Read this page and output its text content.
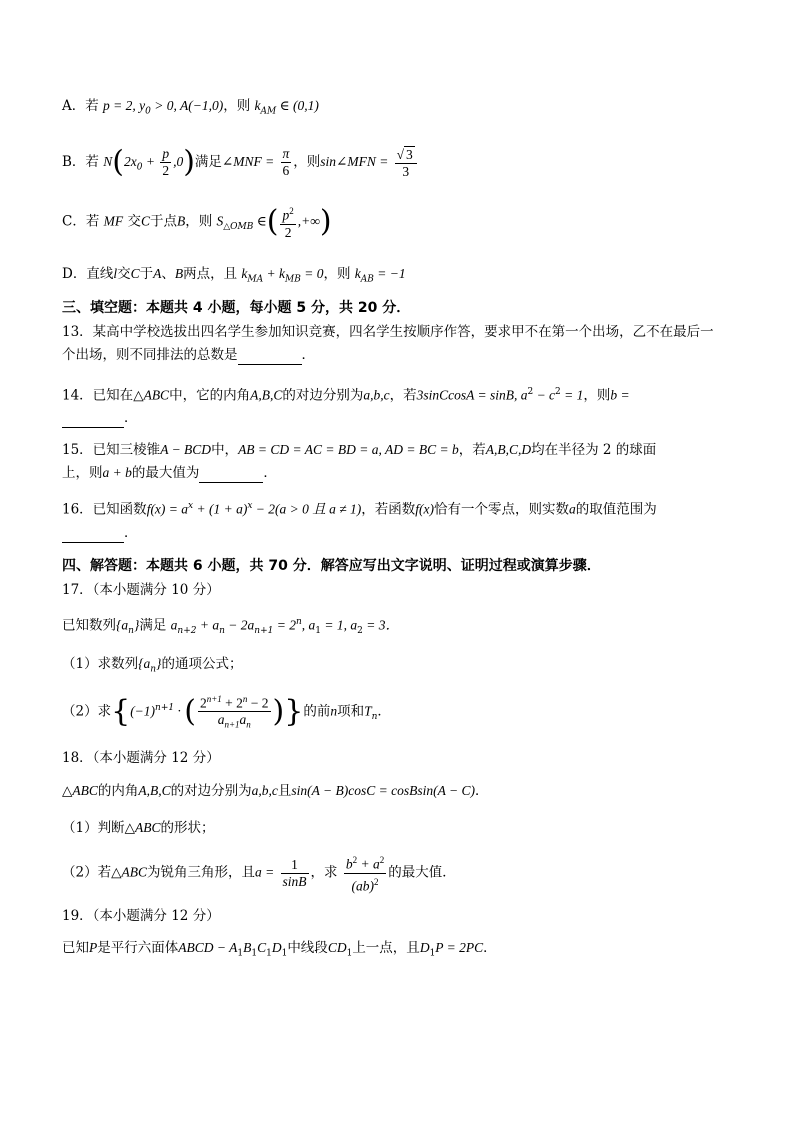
A．若 p = 2, $y_0 > 0$, A(−1,0)，则 $k_{AM}$ ∈ (0,1)
B．若 $N(2x_0 + \frac{p}{2} ,0)$满足∠MNF = $\frac{\pi}{6}$ ，则sin∠MFN = $\frac{√ 3}{3}$
C．若 MF 交C于点B，则 $S_{\triangle OMB}$ ∈( $\frac{p^2}{2}$ ,+∞)
D．直线l交C于A、B两点，且 $k_{MA} + k_{MB} = 0$，则 $k_{AB} = -1$
三、填空题：本题共 4 小题，每小题 5 分，共 20 分．
13．某高中学校选拔出四名学生参加知识竞赛，四名学生按顺序作答，要求甲不在第一个出场，乙不在最后一
个出场，则不同排法的总数是	．
14．已知在△ABC中，它的内角A,B,C的对边分别为a,b,c，若3sinCcosA = sinB, $a^2 - c^2 = 1$，则b =
．
15．已知三棱锥A − BCD中，AB = CD = AC = BD = a, AD = BC = b，若A,B,C,D均在半径为 2 的球面
上，则a + b的最大值为	．
16．已知函数$f(x) = a^x + (1 + a)^x - 2(a > 0$ 且 a ≠ 1)，若函数f(x)恰有一个零点，则实数a的取值范围为
．
四、解答题：本题共 6 小题，共 70 分．解答应写出文字说明、证明过程或演算步骤．
17．（本小题满分 10 分）
已知数列$\{a_n\}$满足 $a_{n+2} + a_n - 2a_{n+1} = 2^n$, $a_1 = 1$, $a_2 = 3$．
（1）求数列$\{a_n\}$的通项公式；
（2）求{$(-1)^{n+1}$ · ( $\frac{2^{n+1} + 2^n - 2}{a_{n+1}a_n}$ )}的前n项和$T_n$．
18．（本小题满分 12 分）
△ABC的内角A,B,C的对边分别为a,b,c且sin(A − B)cosC = cosBsin(A − C)．
（1）判断△ABC的形状；
（2）若△ABC为锐角三角形，且$a = \frac{1}{\sin B}$ ，求 $\frac{b^2 + a^2}{(ab)^2}$ 的最大值．
19．（本小题满分 12 分）
已知P是平行六面体ABCD − $A_1B_1C_1D_1$中线段$CD_1$上一点，且$D_1P = 2PC$．
